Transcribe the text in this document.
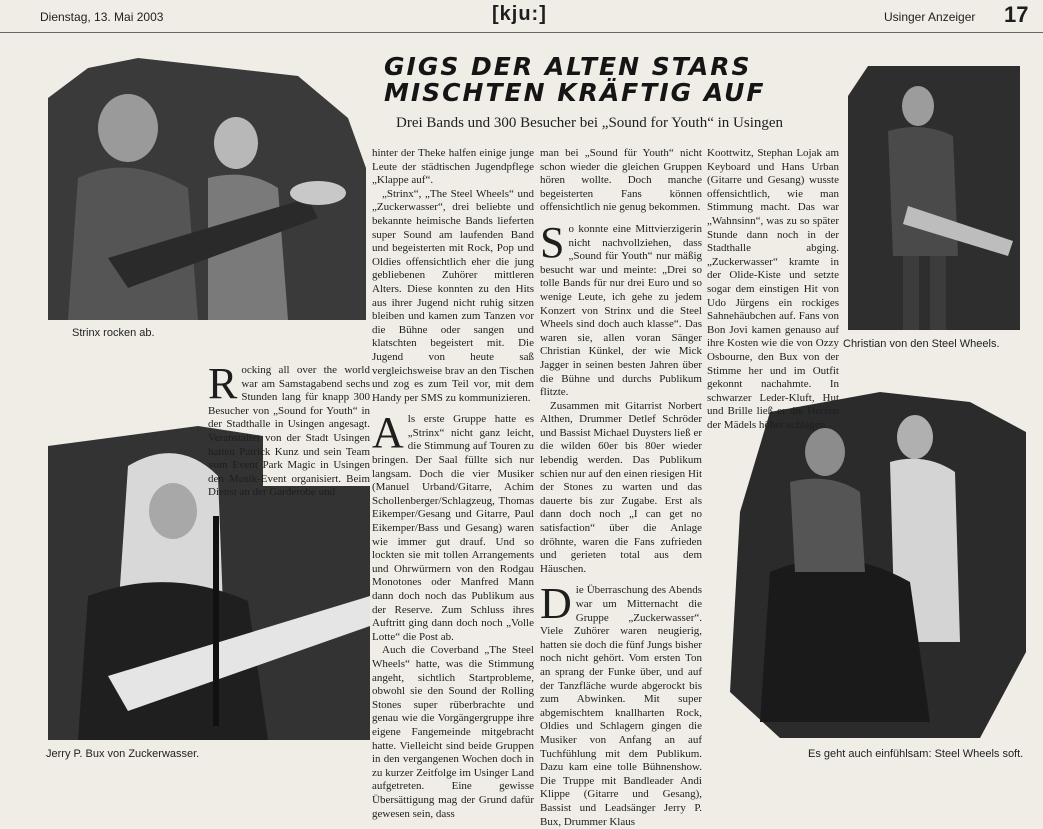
Dienstag, 13. Mai 2003	[kju:]	Usinger Anzeiger 17
GIGS DER ALTEN STARS
MISCHTEN KRÄFTIG AUF
Drei Bands und 300 Besucher bei „Sound for Youth“ in Usingen
Strinx rocken ab.
Christian von den Steel Wheels.
Jerry P. Bux von Zuckerwasser.	Es geht auch einfühlsam: Steel Wheels soft.

Rocking all over the world war am Samstagabend sechs Stunden lang für knapp 300 Besucher von „Sound for Youth“ in der Stadthalle in Usingen angesagt. Veranstaltet von der Stadt Usingen hatten Patrick Kunz und sein Team vom Event Park Magic in Usingen den Musik-Event organisiert. Beim Dienst an der Garderobe und

hinter der Theke halfen einige junge Leute der städtischen Jugendpflege „Klappe auf“.

„Strinx“, „The Steel Wheels“ und „Zuckerwasser“, drei beliebte und bekannte heimische Bands lieferten super Sound am laufenden Band und begeisterten mit Rock, Pop und Oldies offensichtlich eher die jung gebliebenen Zuhörer mittleren Alters. Diese konnten zu den Hits aus ihrer Jugend nicht ruhig sitzen bleiben und kamen zum Tanzen vor die Bühne oder sangen und klatschten begeistert mit. Die Jugend von heute saß vergleichsweise brav an den Tischen und zog es zum Teil vor, mit dem Handy per SMS zu kommunizieren.

Als erste Gruppe hatte es „Strinx“ nicht ganz leicht, die Stimmung auf Touren zu bringen. Der Saal füllte sich nur langsam. Doch die vier Musiker (Manuel Urband/Gitarre, Achim Schollenberger/Schlagzeug, Thomas Eikemper/Gesang und Gitarre, Paul Eikemper/Bass und Gesang) waren wie immer gut drauf. Und so lockten sie mit tollen Arrangements und Ohrwürmern von den Rodgau Monotones oder Manfred Mann dann doch noch das Publikum aus der Reserve. Zum Schluss ihres Auftritt ging dann doch noch „Volle Lotte“ die Post ab.

Auch die Coverband „The Steel Wheels“ hatte, was die Stimmung angeht, sichtlich Startprobleme, obwohl sie den Sound der Rolling Stones super rüberbrachte und genau wie die Vorgängergruppe ihre eigene Fangemeinde mitgebracht hatte. Vielleicht sind beide Gruppen in den vergangenen Wochen doch in zu kurzer Zeitfolge im Usinger Land aufgetreten. Eine gewisse Übersättigung mag der Grund dafür gewesen sein, dass

man bei „Sound für Youth“ nicht schon wieder die gleichen Gruppen hören wollte. Doch manche begeisterten Fans können offensichtlich nie genug bekommen.

So konnte eine Mittvierzigerin nicht nachvollziehen, dass „Sound für Youth“ nur mäßig besucht war und meinte: „Drei so tolle Bands für nur drei Euro und so wenige Leute, ich gehe zu jedem Konzert von Strinx und die Steel Wheels sind doch auch klasse“. Das waren sie, allen voran Sänger Christian Künkel, der wie Mick Jagger in seinen besten Jahren über die Bühne und durchs Publikum flitzte.

Zusammen mit Gitarrist Norbert Althen, Drummer Detlef Schröder und Bassist Michael Duysters ließ er die wilden 60er bis 80er wieder lebendig werden. Das Publikum schien nur auf den einen riesigen Hit der Stones zu warten und das dauerte bis zur Zugabe. Erst als dann doch noch „I can get no satisfaction“ über die Anlage dröhnte, waren die Fans zufrieden und gerieten total aus dem Häuschen.

Die Überraschung des Abends war um Mitternacht die Gruppe „Zuckerwasser“. Viele Zuhörer waren neugierig, hatten sie doch die fünf Jungs bisher noch nicht gehört. Vom ersten Ton an sprang der Funke über, und auf der Tanzfläche wurde abgerockt bis zum Abwinken. Mit super abgemischtem knallharten Rock, Oldies und Schlagern gingen die Musiker von Anfang an auf Tuchfühlung mit dem Publikum. Dazu kam eine tolle Bühnenshow. Die Truppe mit Bandleader Andi Klippe (Gitarre und Gesang), Bassist und Leadsänger Jerry P. Bux, Drummer Klaus

Koottwitz, Stephan Lojak am Keyboard und Hans Urban (Gitarre und Gesang) wusste offensichtlich, wie man Stimmung macht. Das war „Wahnsinn“, was zu so später Stunde dann noch in der Stadthalle abging. „Zuckerwasser“ kramte in der Olide-Kiste und setzte sogar dem einstigen Hit von Udo Jürgens ein rockiges Sahnehäubchen auf. Fans von Bon Jovi kamen genauso auf ihre Kosten wie die von Ozzy Osbourne, den Bux von der Stimme her und im Outfit gekonnt nachahmte. In schwarzer Leder-Kluft, Hut und Brille ließ er die Herzen der Mädels höher schlagen.
